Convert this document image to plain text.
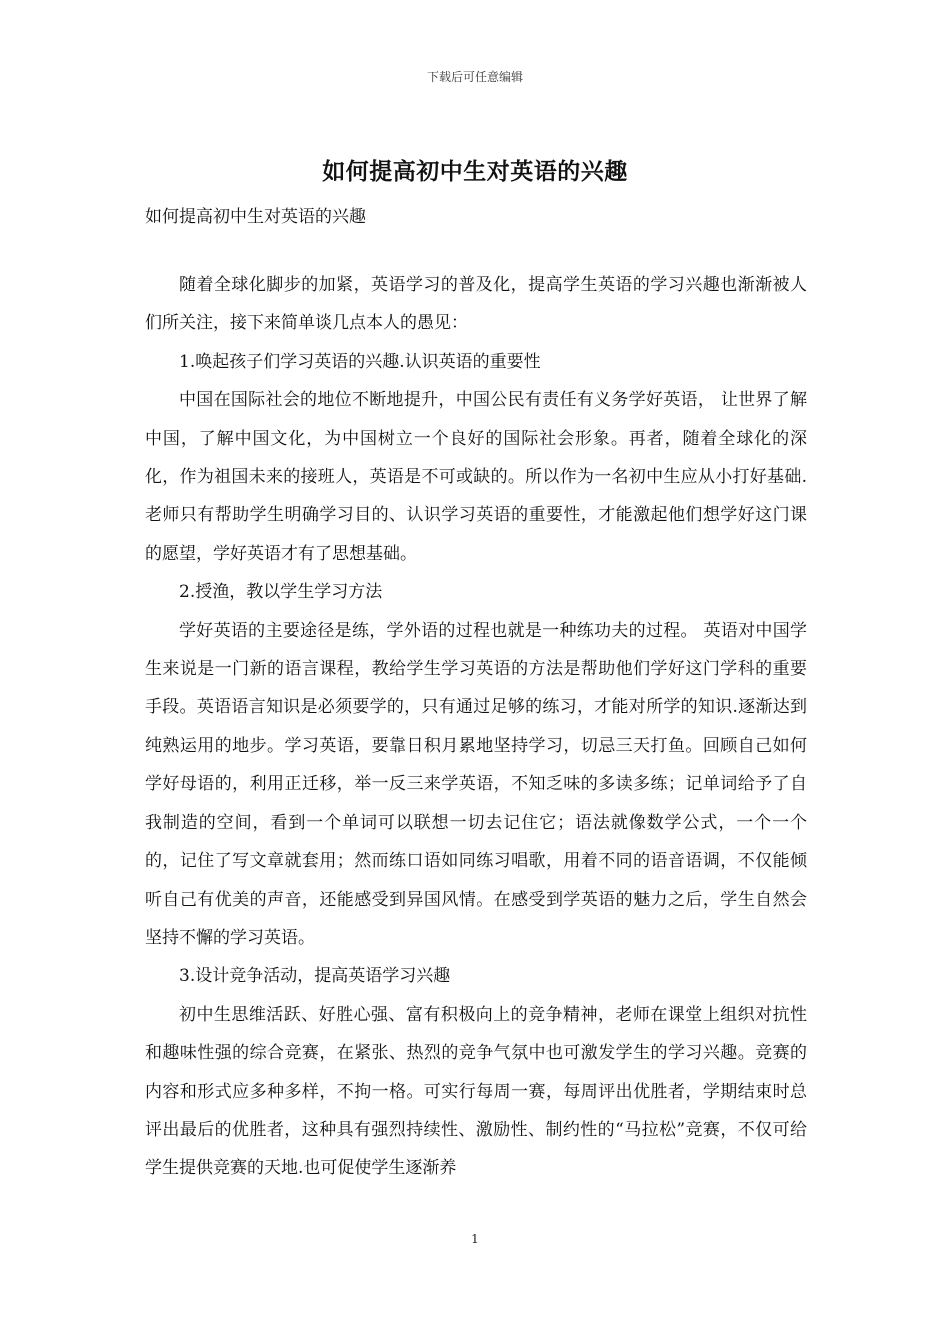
下载后可任意编辑
如何提高初中生对英语的兴趣
如何提高初中生对英语的兴趣

随着全球化脚步的加紧，英语学习的普及化，提高学生英语的学习兴趣也渐渐被人们所关注，接下来简单谈几点本人的愚见：

1.唤起孩子们学习英语的兴趣.认识英语的重要性

中国在国际社会的地位不断地提升，中国公民有责任有义务学好英语， 让世界了解中国，了解中国文化，为中国树立一个良好的国际社会形象。再者，随着全球化的深化，作为祖国未来的接班人，英语是不可或缺的。所以作为一名初中生应从小打好基础.老师只有帮助学生明确学习目的、认识学习英语的重要性，才能激起他们想学好这门课的愿望，学好英语才有了思想基础。

2.授渔，教以学生学习方法

学好英语的主要途径是练，学外语的过程也就是一种练功夫的过程。 英语对中国学生来说是一门新的语言课程，教给学生学习英语的方法是帮助他们学好这门学科的重要手段。英语语言知识是必须要学的，只有通过足够的练习，才能对所学的知识.逐渐达到纯熟运用的地步。学习英语，要靠日积月累地坚持学习，切忌三天打鱼。回顾自己如何学好母语的，利用正迁移，举一反三来学英语，不知乏味的多读多练；记单词给予了自我制造的空间，看到一个单词可以联想一切去记住它；语法就像数学公式，一个一个的，记住了写文章就套用；然而练口语如同练习唱歌，用着不同的语音语调，不仅能倾听自己有优美的声音，还能感受到异国风情。在感受到学英语的魅力之后，学生自然会坚持不懈的学习英语。

3.设计竞争活动，提高英语学习兴趣

初中生思维活跃、好胜心强、富有积极向上的竞争精神，老师在课堂上组织对抗性和趣味性强的综合竞赛，在紧张、热烈的竞争气氛中也可激发学生的学习兴趣。竞赛的内容和形式应多种多样，不拘一格。可实行每周一赛，每周评出优胜者，学期结束时总评出最后的优胜者，这种具有强烈持续性、激励性、制约性的“马拉松”竞赛，不仅可给学生提供竞赛的天地.也可促使学生逐渐养

1
